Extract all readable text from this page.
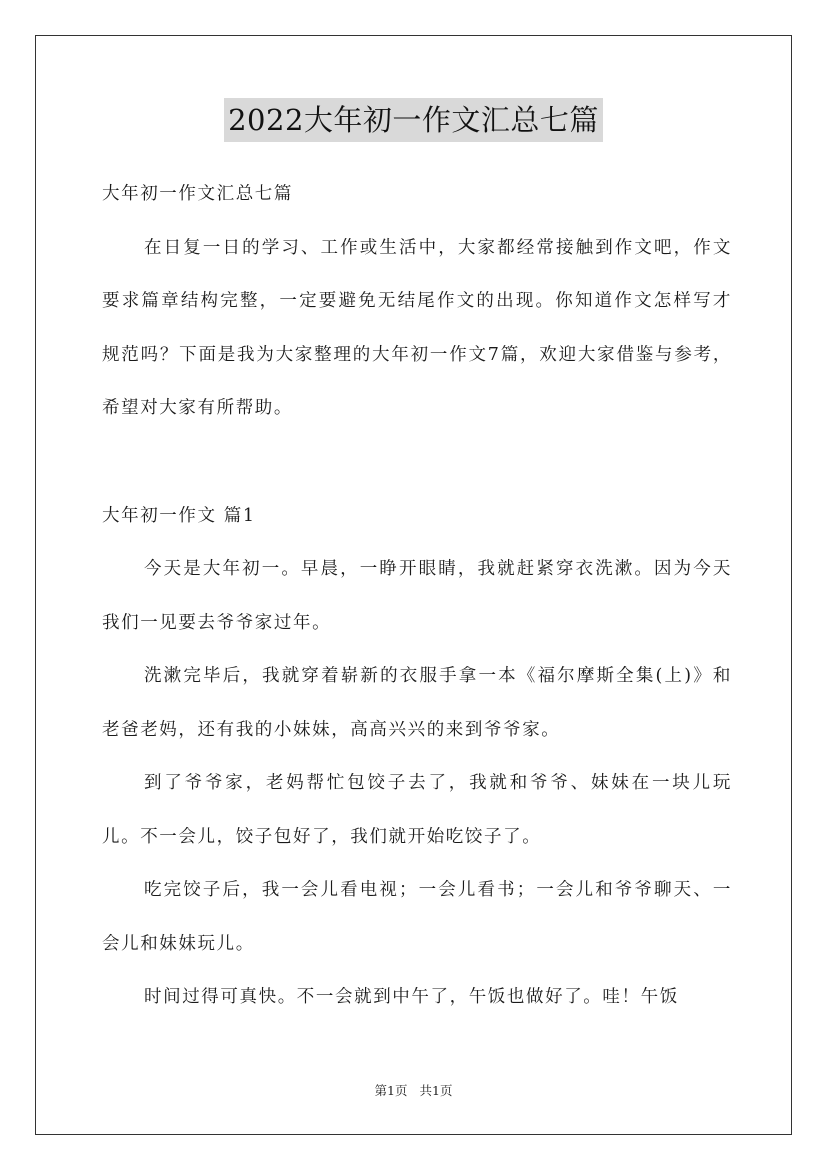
2022大年初一作文汇总七篇

大年初一作文汇总七篇

在日复一日的学习、工作或生活中，大家都经常接触到作文吧，作文要求篇章结构完整，一定要避免无结尾作文的出现。你知道作文怎样写才规范吗？下面是我为大家整理的大年初一作文7篇，欢迎大家借鉴与参考，希望对大家有所帮助。

大年初一作文 篇1

今天是大年初一。早晨，一睁开眼睛，我就赶紧穿衣洗漱。因为今天我们一见要去爷爷家过年。

洗漱完毕后，我就穿着崭新的衣服手拿一本《福尔摩斯全集(上)》和老爸老妈，还有我的小妹妹，高高兴兴的来到爷爷家。

到了爷爷家，老妈帮忙包饺子去了，我就和爷爷、妹妹在一块儿玩儿。不一会儿，饺子包好了，我们就开始吃饺子了。

吃完饺子后，我一会儿看电视；一会儿看书；一会儿和爷爷聊天、一会儿和妹妹玩儿。

时间过得可真快。不一会就到中午了，午饭也做好了。哇！午饭

第1页 共1页
